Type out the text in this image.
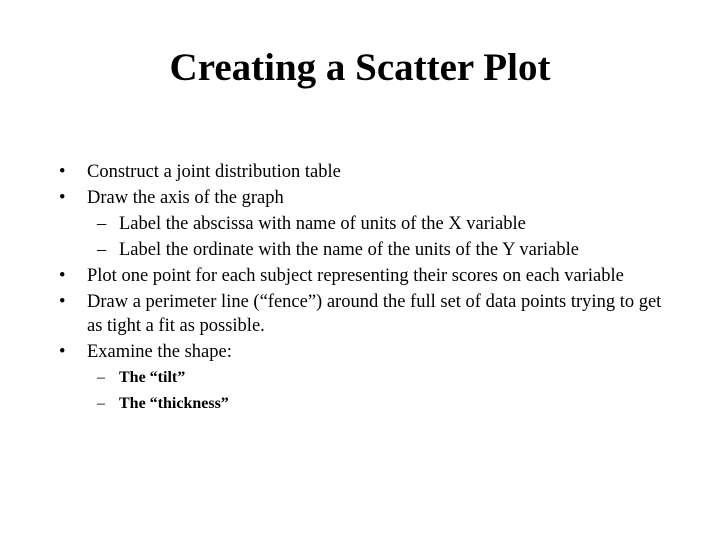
Creating a Scatter Plot
• Construct a joint distribution table
• Draw the axis of the graph
– Label the abscissa with name of units of the X variable
– Label the ordinate with the name of the units of the Y variable
• Plot one point for each subject representing their scores on each variable
• Draw a perimeter line (“fence”) around the full set of data points trying to get as tight a fit as possible.
• Examine the shape:
– The “tilt”
– The “thickness”
